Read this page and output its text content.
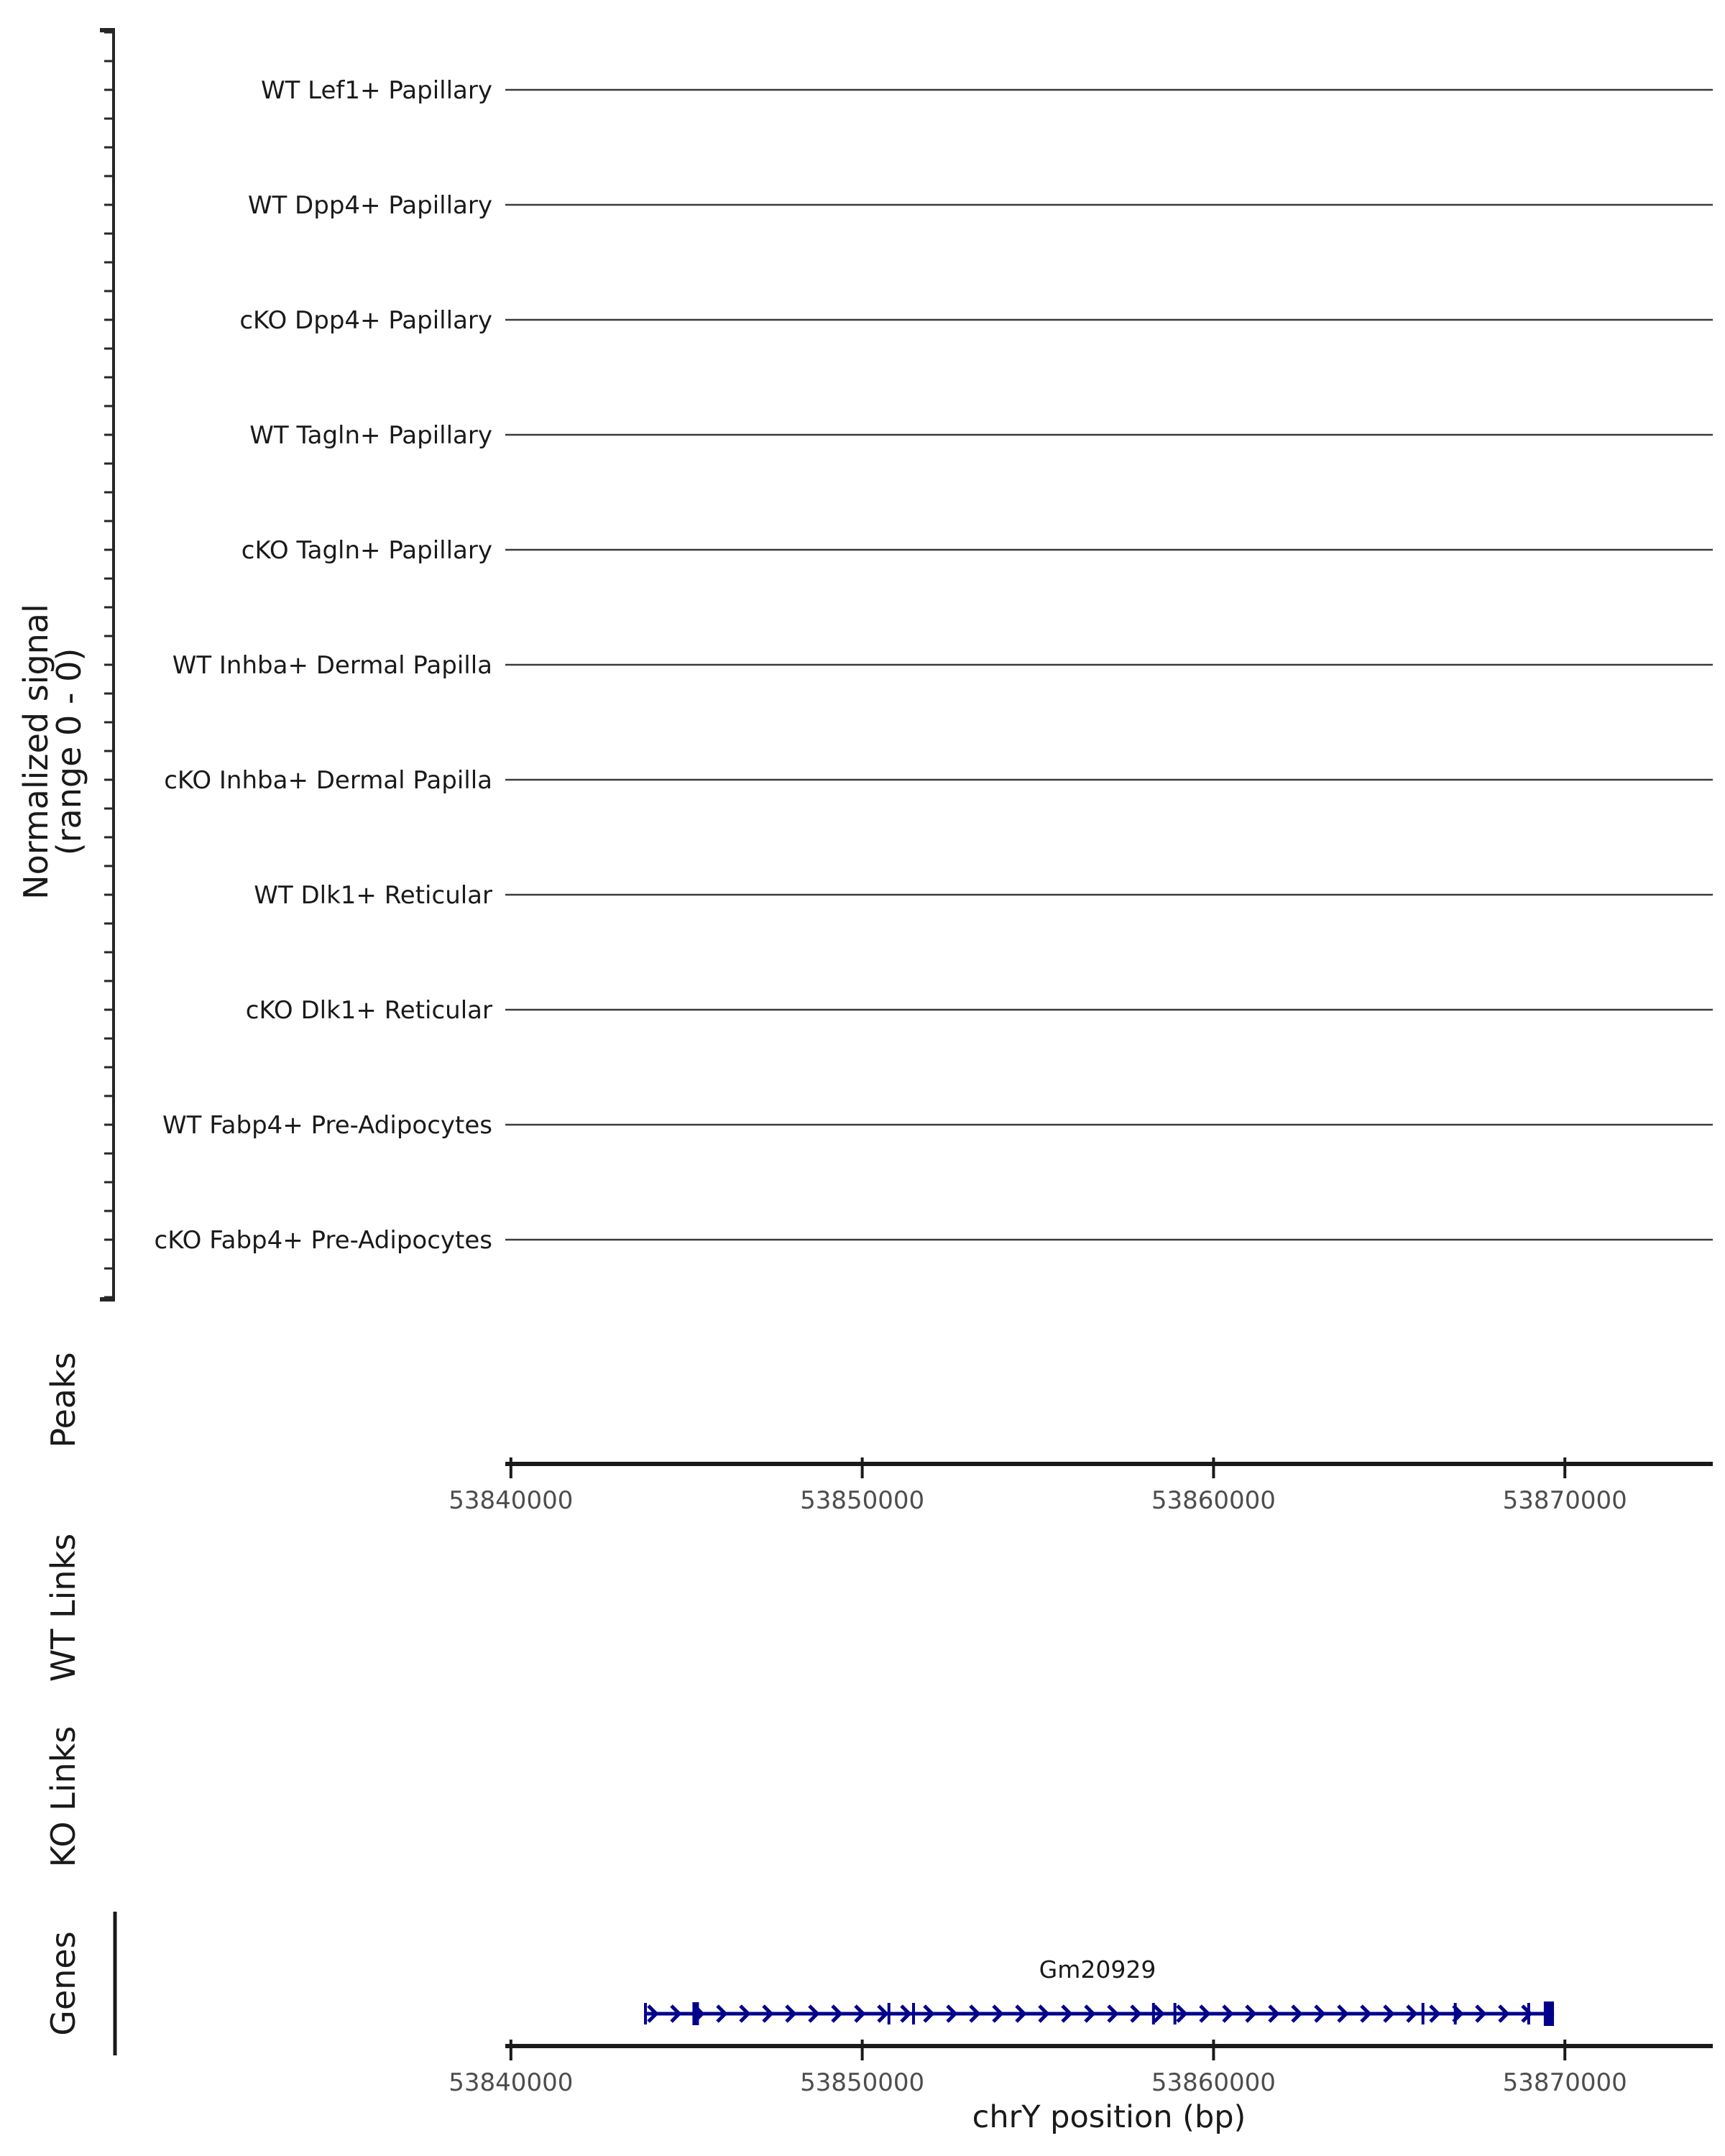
Normalized signal
(range 0 - 0)
WT Lef1+ Papillary
WT Dpp4+ Papillary
cKO Dpp4+ Papillary
WT Tagln+ Papillary
cKO Tagln+ Papillary
WT Inhba+ Dermal Papilla
cKO Inhba+ Dermal Papilla
WT Dlk1+ Reticular
cKO Dlk1+ Reticular
WT Fabp4+ Pre-Adipocytes
cKO Fabp4+ Pre-Adipocytes
Peaks
53840000	53850000	53860000	53870000
WT Links
KO Links
Genes	Gm20929
53840000	53850000	53860000	53870000
chrY position (bp)
